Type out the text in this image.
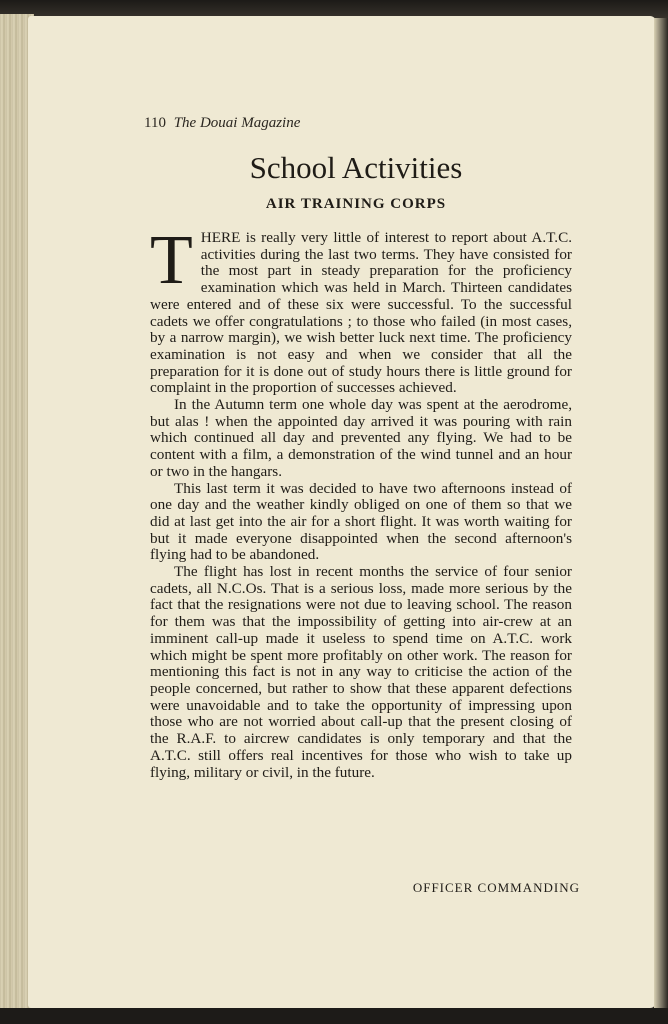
110 The Douai Magazine
School Activities
AIR TRAINING CORPS

THERE is really very little of interest to report about A.T.C. activities during the last two terms. They have consisted for the most part in steady preparation for the proficiency examination which was held in March. Thirteen candidates were entered and of these six were successful. To the successful cadets we offer congratulations ; to those who failed (in most cases, by a narrow margin), we wish better luck next time. The proficiency examination is not easy and when we consider that all the preparation for it is done out of study hours there is little ground for complaint in the proportion of successes achieved.

In the Autumn term one whole day was spent at the aerodrome, but alas ! when the appointed day arrived it was pouring with rain which continued all day and prevented any flying. We had to be content with a film, a demonstration of the wind tunnel and an hour or two in the hangars.

This last term it was decided to have two afternoons instead of one day and the weather kindly obliged on one of them so that we did at last get into the air for a short flight. It was worth waiting for but it made everyone disappointed when the second afternoon's flying had to be abandoned.

The flight has lost in recent months the service of four senior cadets, all N.C.Os. That is a serious loss, made more serious by the fact that the resignations were not due to leaving school. The reason for them was that the impossibility of getting into air-crew at an imminent call-up made it useless to spend time on A.T.C. work which might be spent more profitably on other work. The reason for mentioning this fact is not in any way to criticise the action of the people concerned, but rather to show that these apparent defections were unavoidable and to take the opportunity of impressing upon those who are not worried about call-up that the present closing of the R.A.F. to aircrew candidates is only temporary and that the A.T.C. still offers real incentives for those who wish to take up flying, military or civil, in the future.

OFFICER COMMANDING
